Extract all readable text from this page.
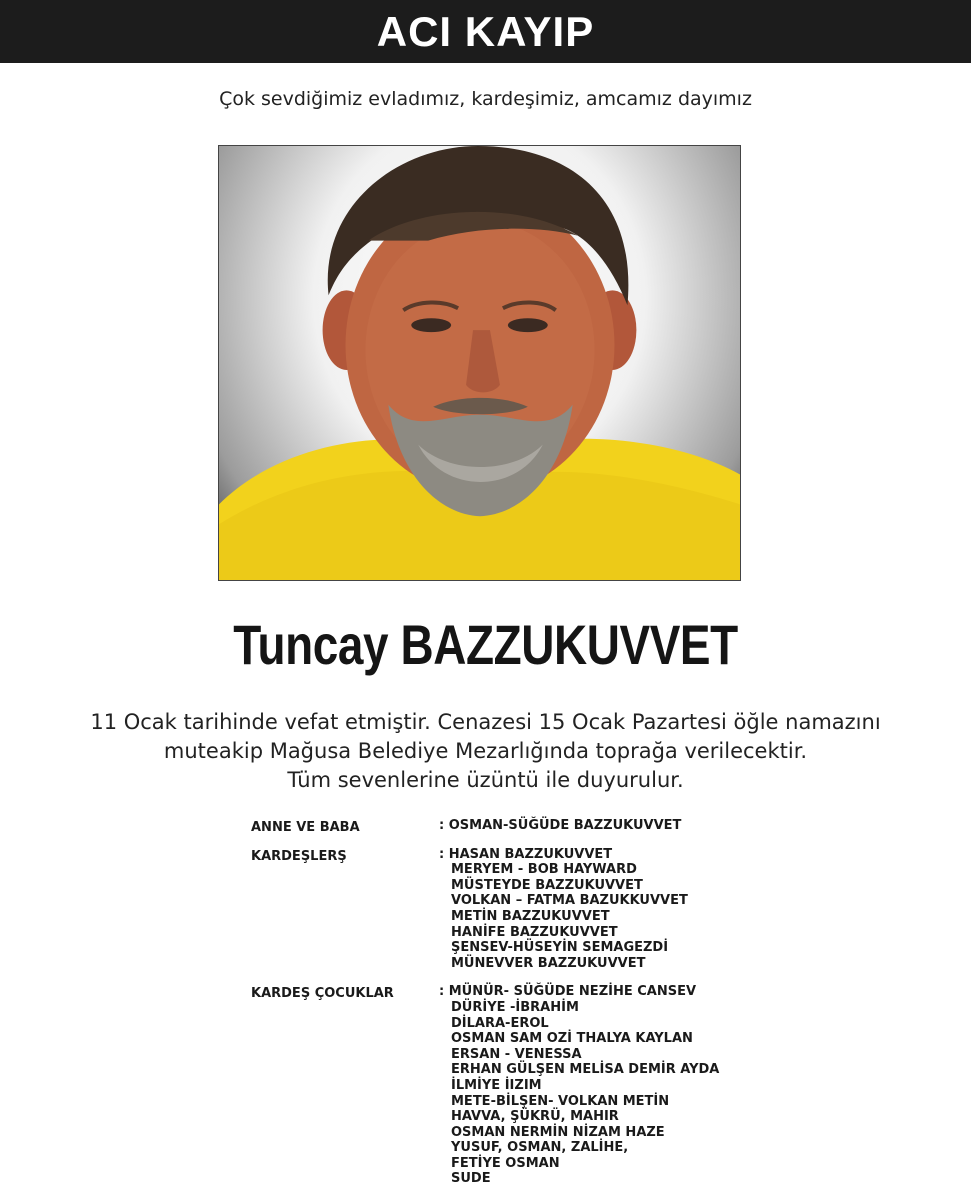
ACI KAYIP
Çok sevdiğimiz evladımız, kardeşimiz, amcamız dayımız
Tuncay BAZZUKUVVET
11 Ocak tarihinde vefat etmiştir. Cenazesi 15 Ocak Pazartesi öğle namazını
muteakip Mağusa Belediye Mezarlığında toprağa verilecektir.
Tüm sevenlerine üzüntü ile duyurulur.
ANNE VE BABA	: OSMAN-SÜĞÜDE BAZZUKUVVET
KARDEŞLERŞ	: HASAN BAZZUKUVVET
MERYEM - BOB HAYWARD
MÜSTEYDE BAZZUKUVVET
VOLKAN – FATMA BAZUKKUVVET
METİN BAZZUKUVVET
HANİFE BAZZUKUVVET
ŞENSEV-HÜSEYİN SEMAGEZDİ
MÜNEVVER BAZZUKUVVET
KARDEŞ ÇOCUKLAR	: MÜNÜR- SÜĞÜDE NEZİHE CANSEV
DÜRİYE -İBRAHİM
DİLARA-EROL
OSMAN SAM OZİ THALYA KAYLAN
ERSAN - VENESSA
ERHAN GÜLŞEN MELİSA DEMİR AYDA
İLMİYE İIZIM
METE-BİLŞEN- VOLKAN METİN
HAVVA, ŞÜKRÜ, MAHIR
OSMAN NERMİN NİZAM HAZE
YUSUF, OSMAN, ZALİHE,
FETİYE OSMAN
SUDE
